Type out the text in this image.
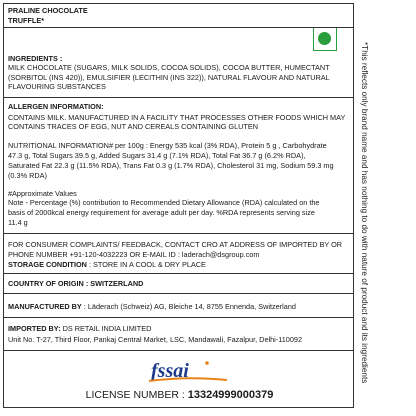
PRALINE CHOCOLATE
TRUFFLE*
INGREDIENTS :
MILK CHOCOLATE (SUGARS, MILK SOLIDS, COCOA SOLIDS), COCOA BUTTER, HUMECTANT
(SORBITOL (INS 420)), EMULSIFIER (LECITHIN (INS 322)), NATURAL FLAVOUR AND NATURAL
FLAVOURING SUBSTANCES
ALLERGEN INFORMATION:
CONTAINS MILK. MANUFACTURED IN A FACILITY THAT PROCESSES OTHER FOODS WHICH MAY
CONTAINS TRACES OF EGG, NUT AND CEREALS CONTAINING GLUTEN
NUTRITIONAL INFORMATION# per 100g : Energy 535 kcal (3% RDA), Protein 5 g , Carbohydrate
47.3 g, Total Sugars 39.5 g, Added Sugars 31.4 g (7.1% RDA), Total Fat 36.7 g (6.2% RDA),
Saturated Fat 22.3 g (11.5% RDA), Trans Fat 0.3 g (1.7% RDA), Cholesterol 31 mg, Sodium 59.3 mg
(0.3% RDA)
#Approximate Values
Note - Percentage (%) contribution to Recommended Dietary Allowance (RDA) calculated on the
basis of 2000kcal energy requirement for average adult per day. %RDA represents serving size
11.4 g
FOR CONSUMER COMPLAINTS/ FEEDBACK, CONTACT CRO AT ADDRESS OF IMPORTED BY OR
PHONE NUMBER +91-120-4032223 OR E-MAIL ID : laderach@dsgroup.com
STORAGE CONDITION : STORE IN A COOL & DRY PLACE
COUNTRY OF ORIGIN : SWITZERLAND
MANUFACTURED BY : Läderach (Schweiz) AG, Bleiche 14, 8755 Ennenda, Switzerland
IMPORTED BY: DS RETAIL INDIA LIMITED
Unit No. T-27, Third Floor, Pankaj Central Market, LSC, Mandawali, Fazalpur, Delhi-110092
fssai
LICENSE NUMBER : 13324999000379
*This reflects only brand name and has nothing to do with nature of product and its ingredients
